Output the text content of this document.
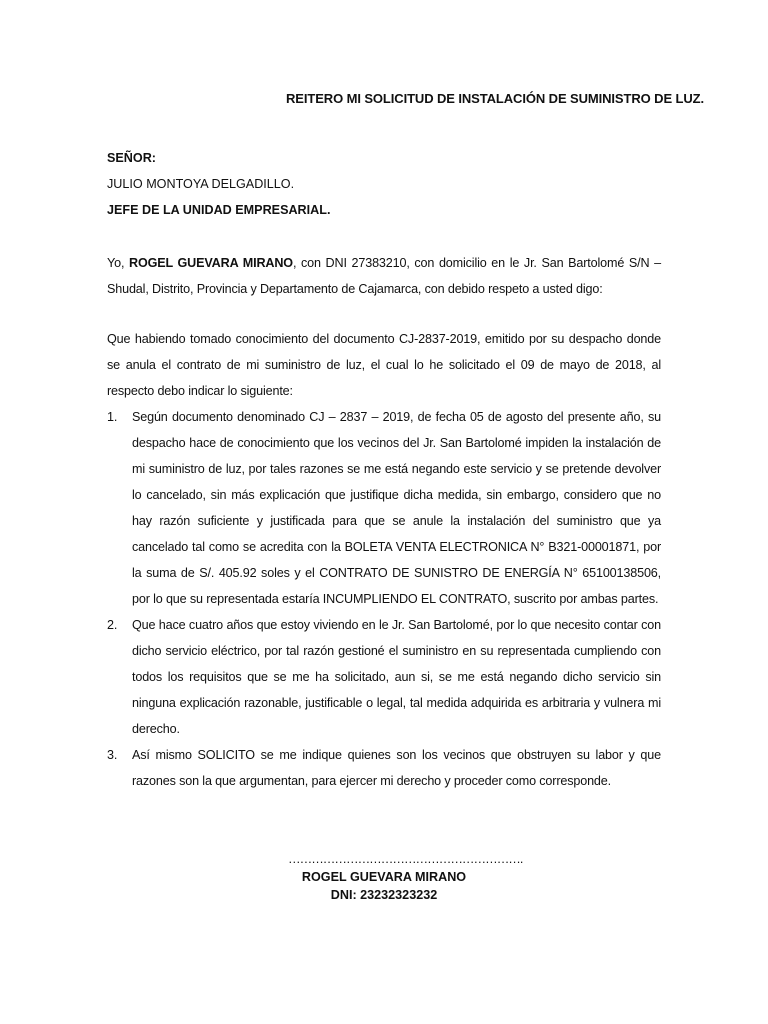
REITERO MI SOLICITUD DE INSTALACIÓN DE SUMINISTRO DE LUZ.
SEÑOR:
JULIO MONTOYA DELGADILLO.
JEFE DE LA UNIDAD EMPRESARIAL.
Yo, ROGEL GUEVARA MIRANO, con DNI 27383210, con domicilio en le Jr. San Bartolomé S/N – Shudal, Distrito, Provincia y Departamento de Cajamarca, con debido respeto a usted digo:
Que habiendo tomado conocimiento del documento CJ-2837-2019, emitido por su despacho donde se anula el contrato de mi suministro de luz, el cual lo he solicitado el 09 de mayo de 2018, al respecto debo indicar lo siguiente:
1.	Según documento denominado CJ – 2837 – 2019, de fecha 05 de agosto del presente año, su despacho hace de conocimiento que los vecinos del Jr. San Bartolomé impiden la instalación de mi suministro de luz, por tales razones se me está negando este servicio y se pretende devolver lo cancelado, sin más explicación que justifique dicha medida, sin embargo, considero que no hay razón suficiente y justificada para que se anule la instalación del suministro que ya cancelado tal como se acredita con la BOLETA VENTA ELECTRONICA N° B321-00001871, por la suma de S/. 405.92 soles y el CONTRATO DE SUNISTRO DE ENERGÍA N° 65100138506, por lo que su representada estaría INCUMPLIENDO EL CONTRATO, suscrito por ambas partes.
2.	Que hace cuatro años que estoy viviendo en le Jr. San Bartolomé, por lo que necesito contar con dicho servicio eléctrico, por tal razón gestioné el suministro en su representada cumpliendo con todos los requisitos que se me ha solicitado, aun si, se me está negando dicho servicio sin ninguna explicación razonable, justificable o legal, tal medida adquirida es arbitraria y vulnera mi derecho.
3.	Así mismo SOLICITO se me indique quienes son los vecinos que obstruyen su labor y que razones son la que argumentan, para ejercer mi derecho y proceder como corresponde.
…………………………………………………….
ROGEL GUEVARA MIRANO
DNI: 23232323232
